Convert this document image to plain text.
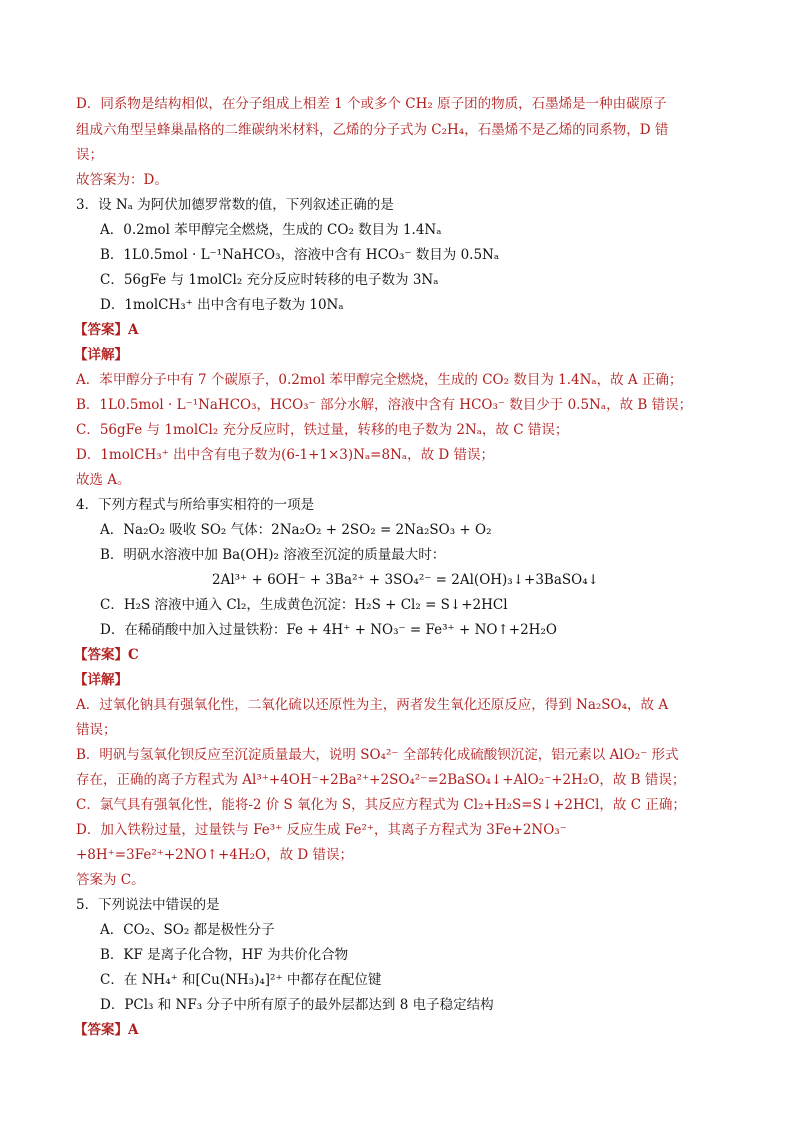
D．同系物是结构相似，在分子组成上相差 1 个或多个 CH₂ 原子团的物质，石墨烯是一种由碳原子
组成六角型呈蜂巢晶格的二维碳纳米材料，乙烯的分子式为 C₂H₄，石墨烯不是乙烯的同系物，D 错
误；
故答案为：D。
3．设 Nₐ 为阿伏加德罗常数的值，下列叙述正确的是
A．0.2mol 苯甲醇完全燃烧，生成的 CO₂ 数目为 1.4Nₐ
B．1L0.5mol · L⁻¹NaHCO₃，溶液中含有 HCO₃⁻ 数目为 0.5Nₐ
C．56gFe 与 1molCl₂ 充分反应时转移的电子数为 3Nₐ
D．1molCH₃⁺ 出中含有电子数为 10Nₐ
【答案】A
【详解】
A．苯甲醇分子中有 7 个碳原子，0.2mol 苯甲醇完全燃烧，生成的 CO₂ 数目为 1.4Nₐ，故 A 正确；
B．1L0.5mol · L⁻¹NaHCO₃，HCO₃⁻ 部分水解，溶液中含有 HCO₃⁻ 数目少于 0.5Nₐ，故 B 错误；
C．56gFe 与 1molCl₂ 充分反应时，铁过量，转移的电子数为 2Nₐ，故 C 错误；
D．1molCH₃⁺ 出中含有电子数为(6-1+1×3)Nₐ=8Nₐ，故 D 错误；
故选 A。
4．下列方程式与所给事实相符的一项是
A．Na₂O₂ 吸收 SO₂ 气体：2Na₂O₂ + 2SO₂ = 2Na₂SO₃ + O₂
B．明矾水溶液中加 Ba(OH)₂ 溶液至沉淀的质量最大时：
2Al³⁺ + 6OH⁻ + 3Ba²⁺ + 3SO₄²⁻ = 2Al(OH)₃↓+3BaSO₄↓
C．H₂S 溶液中通入 Cl₂，生成黄色沉淀：H₂S + Cl₂ = S↓+2HCl
D．在稀硝酸中加入过量铁粉：Fe + 4H⁺ + NO₃⁻ = Fe³⁺ + NO↑+2H₂O
【答案】C
【详解】
A．过氧化钠具有强氧化性，二氧化硫以还原性为主，两者发生氧化还原反应，得到 Na₂SO₄，故 A
错误；
B．明矾与氢氧化钡反应至沉淀质量最大，说明 SO₄²⁻ 全部转化成硫酸钡沉淀，铝元素以 AlO₂⁻ 形式
存在，正确的离子方程式为 Al³⁺+4OH⁻+2Ba²⁺+2SO₄²⁻=2BaSO₄↓+AlO₂⁻+2H₂O，故 B 错误；
C．氯气具有强氧化性，能将-2 价 S 氧化为 S，其反应方程式为 Cl₂+H₂S=S↓+2HCl，故 C 正确；
D．加入铁粉过量，过量铁与 Fe³⁺ 反应生成 Fe²⁺，其离子方程式为 3Fe+2NO₃⁻
+8H⁺=3Fe²⁺+2NO↑+4H₂O，故 D 错误；
答案为 C。
5．下列说法中错误的是
A．CO₂、SO₂ 都是极性分子
B．KF 是离子化合物，HF 为共价化合物
C．在 NH₄⁺ 和[Cu(NH₃)₄]²⁺ 中都存在配位键
D．PCl₃ 和 NF₃ 分子中所有原子的最外层都达到 8 电子稳定结构
【答案】A
